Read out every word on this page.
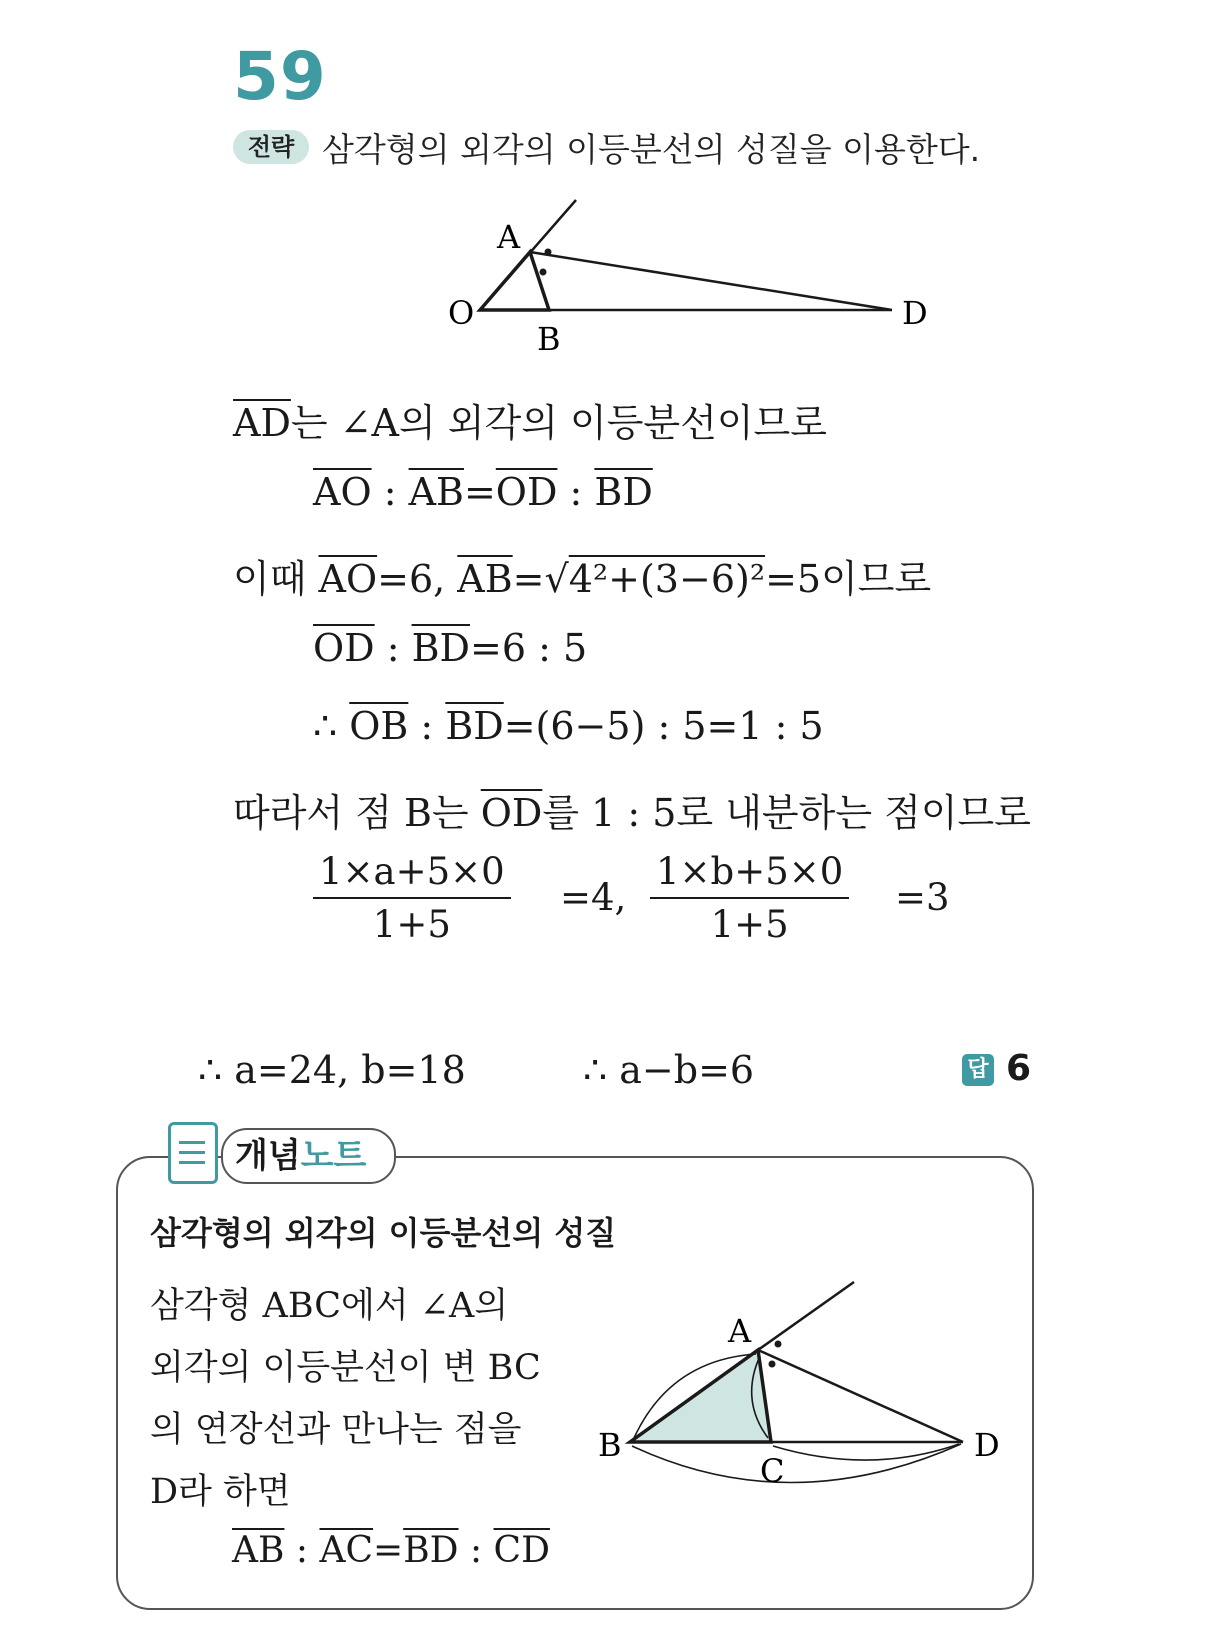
59
전략 삼각형의 외각의 이등분선의 성질을 이용한다.
A
O
B
D
$\overline{AD}$는 ∠A의 외각의 이등분선이므로
$\overline{AO}$ : $\overline{AB}=\overline{OD}$ : $\overline{BD}$
이때 $\overline{AO}=6$, $\overline{AB}=√4^2+(3-6)^2=5$이므로
$\overline{OD}$ : $\overline{BD}=6$ : 5
∴ $\overline{OB}$ : $\overline{BD}=(6-5)$ : 5=1 : 5
따라서 점 B는 $\overline{OD}$를 1 : 5로 내분하는 점이므로
$\frac{1\times a+5\times 0}{1+5} =4$, $\frac{1\times b+5\times 0}{1+5} =3$
∴ a=24, b=18	∴ a−b=6	답 6
개념노트
삼각형의 외각의 이등분선의 성질
삼각형 ABC에서 ∠A의
외각의 이등분선이 변 BC
의 연장선과 만나는 점을
D라 하면
$\overline{AB}$ : $\overline{AC}=\overline{BD}$ : $\overline{CD}$
A
B
C
D
